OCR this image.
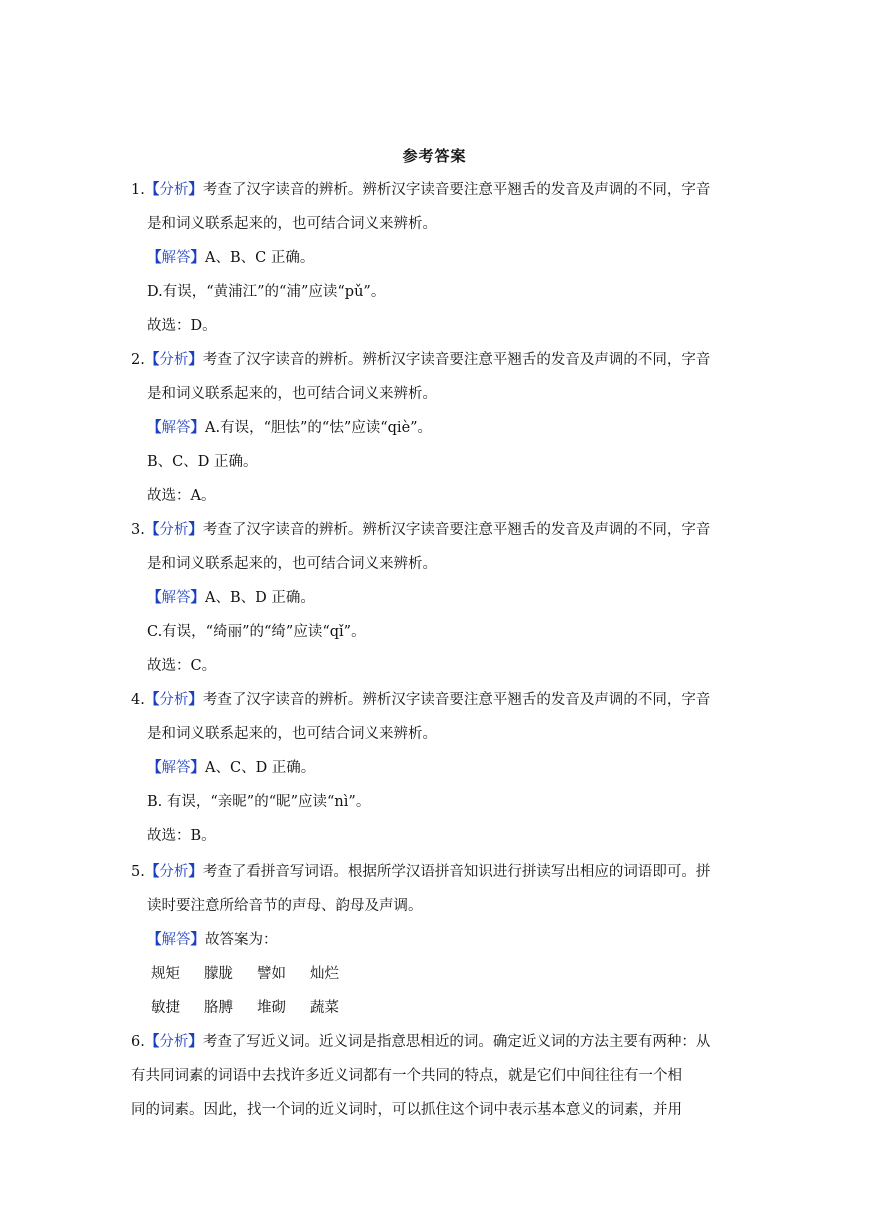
参考答案
1.【分析】考查了汉字读音的辨析。辨析汉字读音要注意平翘舌的发音及声调的不同，字音
是和词义联系起来的，也可结合词义来辨析。
【解答】A、B、C 正确。
D.有误，“黄浦江”的“浦”应读“pǔ”。
故选：D。
2.【分析】考查了汉字读音的辨析。辨析汉字读音要注意平翘舌的发音及声调的不同，字音
是和词义联系起来的，也可结合词义来辨析。
【解答】A.有误，“胆怯”的“怯”应读“qiè”。
B、C、D 正确。
故选：A。
3.【分析】考查了汉字读音的辨析。辨析汉字读音要注意平翘舌的发音及声调的不同，字音
是和词义联系起来的，也可结合词义来辨析。
【解答】A、B、D 正确。
C.有误，“绮丽”的“绮”应读“qǐ”。
故选：C。
4.【分析】考查了汉字读音的辨析。辨析汉字读音要注意平翘舌的发音及声调的不同，字音
是和词义联系起来的，也可结合词义来辨析。
【解答】A、C、D 正确。
B. 有误，“亲昵”的“昵”应读“nì”。
故选：B。
5.【分析】考查了看拼音写词语。根据所学汉语拼音知识进行拼读写出相应的词语即可。拼
读时要注意所给音节的声母、韵母及声调。
【解答】故答案为：
规矩 朦胧 譬如 灿烂
敏捷 胳膊 堆砌 蔬菜
6.【分析】考查了写近义词。近义词是指意思相近的词。确定近义词的方法主要有两种：从
有共同词素的词语中去找许多近义词都有一个共同的特点，就是它们中间往往有一个相
同的词素。因此，找一个词的近义词时，可以抓住这个词中表示基本意义的词素，并用
